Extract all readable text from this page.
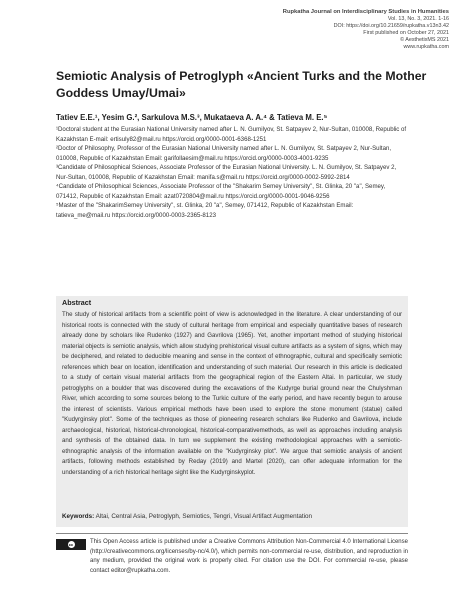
Rupkatha Journal on Interdisciplinary Studies in Humanities
Vol. 13, No. 3, 2021. 1-16
DOI: https://doi.org/10.21659/rupkatha.v13n3.42
First published on October 27, 2021
© AesthetixMS 2021
www.rupkatha.com
Semiotic Analysis of Petroglyph «Ancient Turks and the Mother Goddess Umay/Umai»
Tatiev E.E.¹, Yesim G.², Sarkulova M.S.³, Mukataeva A. A.⁴ & Tatieva M. E.⁵

¹Doctoral student at the Eurasian National University named after L. N. Gumilyov, St. Satpayev 2, Nur-Sultan, 010008, Republic of Kazakhstan E-mail: ertisuly82@mail.ru https://orcid.org/0000-0001-6368-1251

²Doctor of Philosophy, Professor of the Eurasian National University named after L. N. Gumilyov, St. Satpayev 2, Nur-Sultan, 010008, Republic of Kazakhstan Email: garifollaesim@mail.ru https://orcid.org/0000-0003-4001-9235

³Candidate of Philosophical Sciences, Associate Professor of the Eurasian National University. L. N. Gumilyov, St. Satpayev 2, Nur-Sultan, 010008, Republic of Kazakhstan Email: manifa.s@mail.ru https://orcid.org/0000-0002-5992-2814

⁴Candidate of Philosophical Sciences, Associate Professor of the "Shakarim Semey University", St. Glinka, 20 "a", Semey, 071412, Republic of Kazakhstan Email: azat0720804@mail.ru https://orcid.org/0000-0001-9046-9256

⁵Master of the "ShakarimSemey University", st. Glinka, 20 "a", Semey, 071412, Republic of Kazakhstan Email: tatieva_me@mail.ru https://orcid.org/0000-0003-2365-8123

Abstract
The study of historical artifacts from a scientific point of view is acknowledged in the literature. A clear understanding of our historical roots is connected with the study of cultural heritage from empirical and especially quantitative bases of research already done by scholars like Rudenko (1927) and Gavrilova (1965). Yet, another important method of studying historical material objects is semiotic analysis, which allow studying prehistorical visual culture artifacts as a system of signs, which may be deciphered, and related to deducible meaning and sense in the context of ethnographic, cultural and specifically semiotic references which bear on location, identification and understanding of such material. Our research in this article is dedicated to a study of certain visual material artifacts from the geographical region of the Eastern Altai. In particular, we study petroglyphs on a boulder that was discovered during the excavations of the Kudyrge burial ground near the Chulyshman River, which according to some sources belong to the Turkic culture of the early period, and have recently begun to arouse the interest of scientists. Various empirical methods have been used to explore the stone monument (statue) called "Kudyrginsky plot". Some of the techniques as those of pioneering research scholars like Rudenko and Gavrilova, include archaeological, historical, historical-chronological, historical-comparativemethods, as well as approaches including analysis and synthesis of the obtained data. In turn we supplement the existing methodological approaches with a semiotic-ethnographic analysis of the information available on the "Kudyrginsky plot". We argue that semiotic analysis of ancient artifacts, following methods established by Reday (2019) and Martel (2020), can offer adequate information for the understanding of a rich historical heritage sight like the Kudyrginskyplot.
Keywords: Altai, Central Asia, Petroglyph, Semiotics, Tengri, Visual Artifact Augmentation
cc	This Open Access article is published under a Creative Commons Attribution Non-Commercial 4.0 International License (http://creativecommons.org/licenses/by-nc/4.0/), which permits non-commercial re-use, distribution, and reproduction in any medium, provided the original work is properly cited. For citation use the DOI. For commercial re-use, please contact editor@rupkatha.com.
